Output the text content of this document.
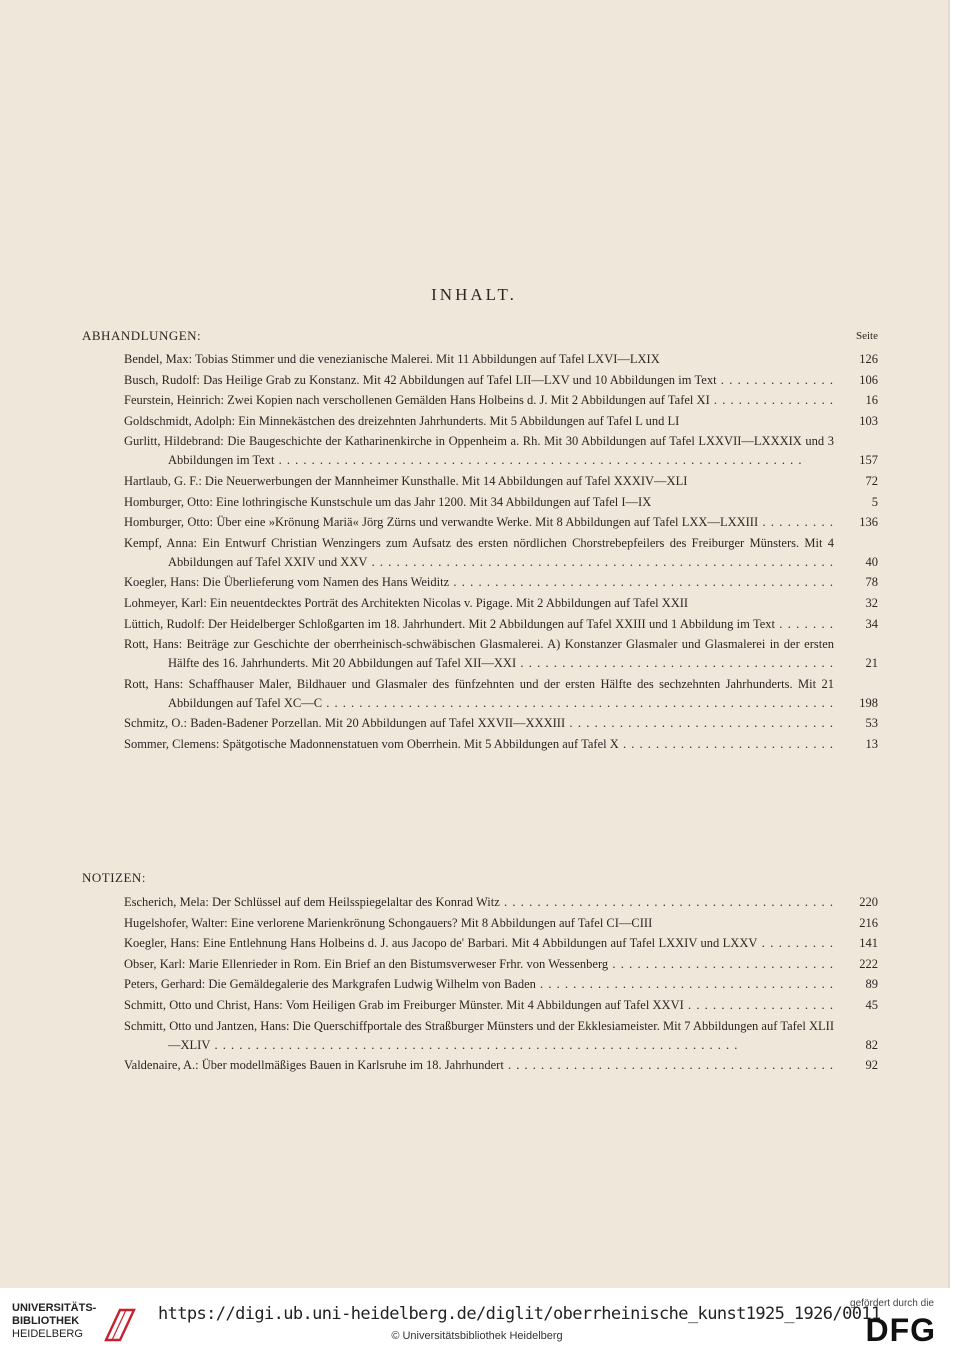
INHALT.
ABHANDLUNGEN:	Seite
Bendel, Max: Tobias Stimmer und die venezianische Malerei. Mit 11 Abbildungen auf Tafel LXVI—LXIX	126
Busch, Rudolf: Das Heilige Grab zu Konstanz. Mit 42 Abbildungen auf Tafel LII—LXV und 10 Abbildungen im Text . . .	106
Feurstein, Heinrich: Zwei Kopien nach verschollenen Gemälden Hans Holbeins d. J. Mit 2 Abbildungen auf Tafel XI . . .	16
Goldschmidt, Adolph: Ein Minnekästchen des dreizehnten Jahrhunderts. Mit 5 Abbildungen auf Tafel L und LI	103
Gurlitt, Hildebrand: Die Baugeschichte der Katharinenkirche in Oppenheim a. Rh. Mit 30 Abbildungen auf Tafel LXXVII—LXXXIX und 3 Abbildungen im Text . . .	157
Hartlaub, G. F.: Die Neuerwerbungen der Mannheimer Kunsthalle. Mit 14 Abbildungen auf Tafel XXXIV—XLI	72
Homburger, Otto: Eine lothringische Kunstschule um das Jahr 1200. Mit 34 Abbildungen auf Tafel I—IX	5
Homburger, Otto: Über eine »Krönung Mariä« Jörg Zürns und verwandte Werke. Mit 8 Abbildungen auf Tafel LXX—LXXIII . . .	136
Kempf, Anna: Ein Entwurf Christian Wenzingers zum Aufsatz des ersten nördlichen Chorstrebepfeilers des Freiburger Münsters. Mit 4 Abbildungen auf Tafel XXIV und XXV . . .	40
Koegler, Hans: Die Überlieferung vom Namen des Hans Weiditz . . .	78
Lohmeyer, Karl: Ein neuentdecktes Porträt des Architekten Nicolas v. Pigage. Mit 2 Abbildungen auf Tafel XXII	32
Lüttich, Rudolf: Der Heidelberger Schloßgarten im 18. Jahrhundert. Mit 2 Abbildungen auf Tafel XXIII und 1 Abbildung im Text . . .	34
Rott, Hans: Beiträge zur Geschichte der oberrheinisch-schwäbischen Glasmalerei. A) Konstanzer Glasmaler und Glasmalerei in der ersten Hälfte des 16. Jahrhunderts. Mit 20 Abbildungen auf Tafel XII—XXI . . .	21
Rott, Hans: Schaffhauser Maler, Bildhauer und Glasmaler des fünfzehnten und der ersten Hälfte des sechzehnten Jahrhunderts. Mit 21 Abbildungen auf Tafel XC—C . . .	198
Schmitz, O.: Baden-Badener Porzellan. Mit 20 Abbildungen auf Tafel XXVII—XXXIII . . .	53
Sommer, Clemens: Spätgotische Madonnenstatuen vom Oberrhein. Mit 5 Abbildungen auf Tafel X . . .	13
NOTIZEN:
Escherich, Mela: Der Schlüssel auf dem Heilsspiegelaltar des Konrad Witz . . .	220
Hugelshofer, Walter: Eine verlorene Marienkrönung Schongauers? Mit 8 Abbildungen auf Tafel CI—CIII	216
Koegler, Hans: Eine Entlehnung Hans Holbeins d. J. aus Jacopo de' Barbari. Mit 4 Abbildungen auf Tafel LXXIV und LXXV . . .	141
Obser, Karl: Marie Ellenrieder in Rom. Ein Brief an den Bistumsverweser Frhr. von Wessenberg . . .	222
Peters, Gerhard: Die Gemäldegalerie des Markgrafen Ludwig Wilhelm von Baden . . .	89
Schmitt, Otto und Christ, Hans: Vom Heiligen Grab im Freiburger Münster. Mit 4 Abbildungen auf Tafel XXVI . . .	45
Schmitt, Otto und Jantzen, Hans: Die Querschiffportale des Straßburger Münsters und der Ekklesiameister. Mit 7 Abbildungen auf Tafel XLII—XLIV . . .	82
Valdenaire, A.: Über modellmäßiges Bauen in Karlsruhe im 18. Jahrhundert . . .	92
UNIVERSITÄTS-
BIBLIOTHEK
HEIDELBERG
https://digi.ub.uni-heidelberg.de/diglit/oberrheinische_kunst1925_1926/0011
© Universitätsbibliothek Heidelberg
gefördert durch die
DFG
